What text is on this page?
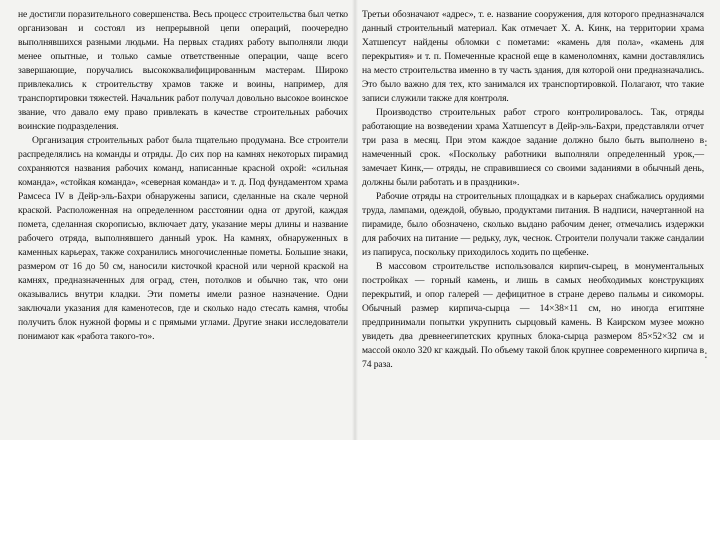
не достигли поразительного совершенства. Весь процесс строительства был четко организован и состоял из непрерывной цепи операций, поочередно выполнявшихся разными людьми. На первых стадиях работу выполняли люди менее опытные, и только самые ответственные операции, чаще всего завершающие, поручались высококвалифицированным мастерам. Широко привлекались к строительству храмов также и воины, например, для транспортировки тяжестей. Начальник работ получал довольно высокое воинское звание, что давало ему право привлекать в качестве строительных рабочих воинские подразделения.

Организация строительных работ была тщательно продумана. Все строители распределялись на команды и отряды. До сих пор на камнях некоторых пирамид сохраняются названия рабочих команд, написанные красной охрой: «сильная команда», «стойкая команда», «северная команда» и т. д. Под фундаментом храма Рамсеса IV в Дейр-эль-Бахри обнаружены записи, сделанные на скале черной краской. Расположенная на определенном расстоянии одна от другой, каждая помета, сделанная скорописью, включает дату, указание меры длины и название рабочего отряда, выполнявшего данный урок. На камнях, обнаруженных в каменных карьерах, также сохранились многочисленные пометы. Большие знаки, размером от 16 до 50 см, наносили кисточкой красной или черной краской на камнях, предназначенных для оград, стен, потолков и обычно так, что они оказывались внутри кладки. Эти пометы имели разное назначение. Одни заключали указания для каменотесов, где и сколько надо стесать камня, чтобы получить блок нужной формы и с прямыми углами. Другие знаки исследователи понимают как «работа такого-то».

Третьи обозначают «адрес», т. е. название сооружения, для которого предназначался данный строительный материал. Как отмечает Х. А. Кинк, на территории храма Хатшепсут найдены обломки с пометами: «камень для пола», «камень для перекрытия» и т. п. Помеченные красной еще в каменоломнях, камни доставлялись на место строительства именно в ту часть здания, для которой они предназначались. Это было важно для тех, кто занимался их транспортировкой. Полагают, что такие записи служили также для контроля.

Производство строительных работ строго контролировалось. Так, отряды работающие на возведении храма Хатшепсут в Дейр-эль-Бахри, представляли отчет три раза в месяц. При этом каждое задание должно было быть выполнено в намеченный срок. «Поскольку работники выполняли определенный урок,— замечает Кинк,— отряды, не справившиеся со своими заданиями в обычный день, должны были работать и в праздники».

Рабочие отряды на строительных площадках и в карьерах снабжались орудиями труда, лампами, одеждой, обувью, продуктами питания. В надписи, начертанной на пирамиде, было обозначено, сколько выдано рабочим денег, отмечались издержки для рабочих на питание — редьку, лук, чеснок. Строители получали также сандалии из папируса, поскольку приходилось ходить по щебенке.

В массовом строительстве использовался кирпич-сырец, в монументальных постройках — горный камень, и лишь в самых необходимых конструкциях перекрытий, и опор галерей — дефицитное в стране дерево пальмы и сикоморы. Обычный размер кирпича-сырца — 14×38×11 см, но иногда египтяне предпринимали попытки укрупнить сырцовый камень. В Каирском музее можно увидеть два древнеегипетских крупных блока-сырца размером 85×52×32 см и массой около 320 кг каждый. По объему такой блок крупнее современного кирпича в 74 раза.

:
:
